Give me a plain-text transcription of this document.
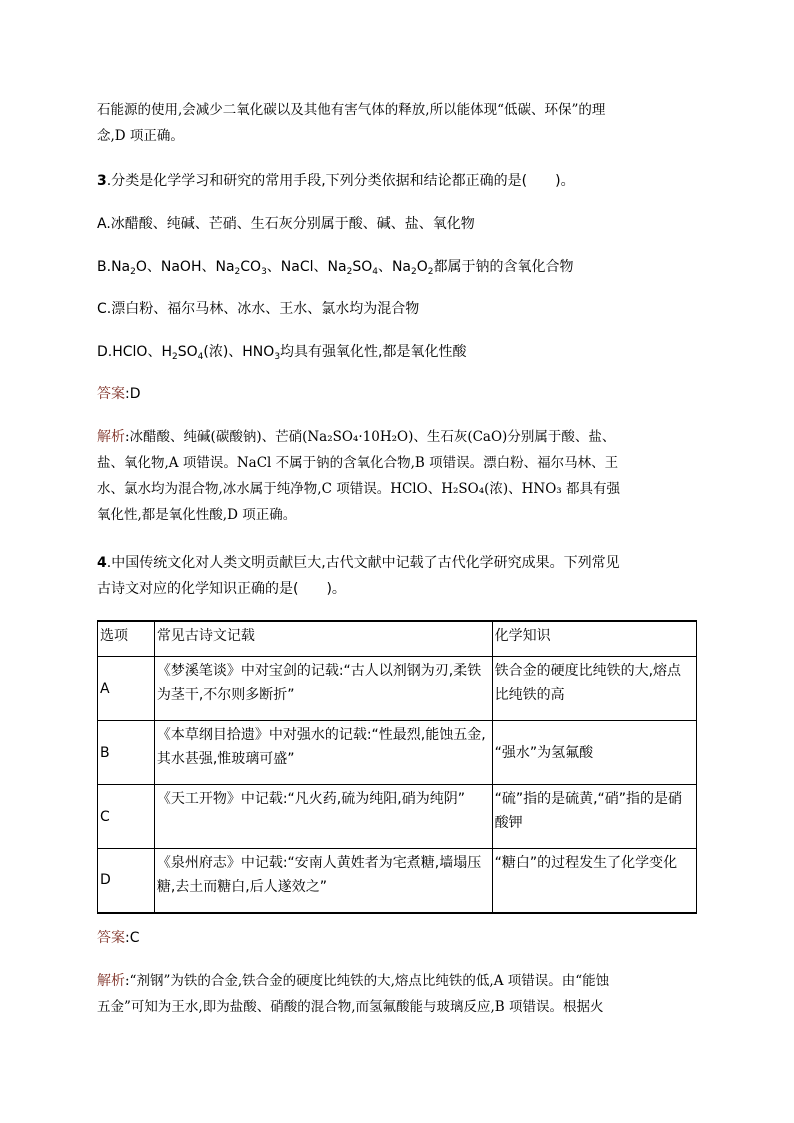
石能源的使用,会减少二氧化碳以及其他有害气体的释放,所以能体现“低碳、环保”的理

念,D 项正确。

3.分类是化学学习和研究的常用手段,下列分类依据和结论都正确的是(　　)。

A.冰醋酸、纯碱、芒硝、生石灰分别属于酸、碱、盐、氧化物

$B.Na_2O$、NaOH、$Na_2CO_3$、NaCl、$Na_2SO_4$、$Na_2O_2$都属于钠的含氧化合物

C.漂白粉、福尔马林、冰水、王水、氯水均为混合物

D.HClO、$H_2SO_4$(浓)、$HNO_3$均具有强氧化性,都是氧化性酸

答案:D

解析:冰醋酸、纯碱(碳酸钠)、芒硝(Na₂SO₄·10H₂O)、生石灰(CaO)分别属于酸、盐、

盐、氧化物,A 项错误。NaCl 不属于钠的含氧化合物,B 项错误。漂白粉、福尔马林、王

水、氯水均为混合物,冰水属于纯净物,C 项错误。HClO、H₂SO₄(浓)、HNO₃ 都具有强

氧化性,都是氧化性酸,D 项正确。

4.中国传统文化对人类文明贡献巨大,古代文献中记载了古代化学研究成果。下列常见

古诗文对应的化学知识正确的是(　　)。

选项	常见古诗文记载	化学知识
A	《梦溪笔谈》中对宝剑的记载:“古人以剂钢为刃,柔铁为茎干,不尔则多断折”	铁合金的硬度比纯铁的大,熔点比纯铁的高
B	《本草纲目拾遗》中对强水的记载:“性最烈,能蚀五金,其水甚强,惟玻璃可盛”	“强水”为氢氟酸
C	《天工开物》中记载:“凡火药,硫为纯阳,硝为纯阴”	“硫”指的是硫黄,“硝”指的是硝酸钾
D	《泉州府志》中记载:“安南人黄姓者为宅煮糖,墙塌压糖,去土而糖白,后人遂效之”	“糖白”的过程发生了化学变化

答案:C

解析:“剂钢”为铁的合金,铁合金的硬度比纯铁的大,熔点比纯铁的低,A 项错误。由“能蚀

五金”可知为王水,即为盐酸、硝酸的混合物,而氢氟酸能与玻璃反应,B 项错误。根据火
